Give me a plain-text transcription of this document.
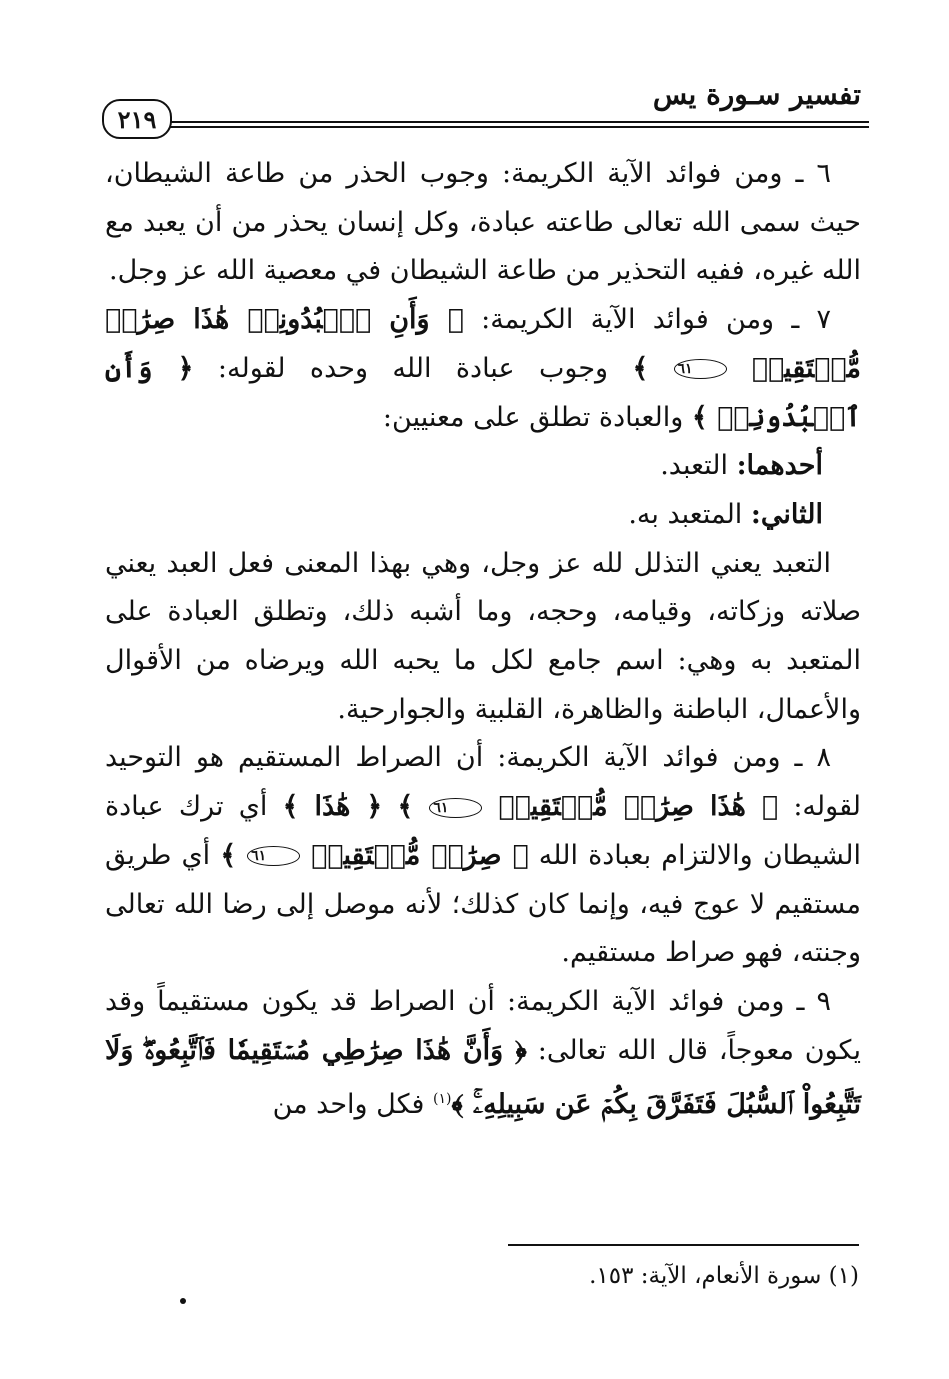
تفسير سـورة يس
٢١٩

٦ ـ ومن فوائد الآية الكريمة: وجوب الحذر من طاعة الشيطان، حيث سمى الله تعالى طاعته عبادة، وكل إنسان يحذر من أن يعبد مع الله غيره، ففيه التحذير من طاعة الشيطان في معصية الله عز وجل.

٧ ـ ومن فوائد الآية الكريمة: ﴿ وَأَنِ ٱعۡبُدُونِيۚ هَٰذَا صِرَٰطٞ مُّسۡتَقِيمٞ ٦١ ﴾ وجوب عبادة الله وحده لقوله: ﴿ وَأَنِ ٱعۡبُدُونِيۚ ﴾ والعبادة تطلق على معنيين:

أحدهما: التعبد.

الثاني: المتعبد به.

التعبد يعني التذلل لله عز وجل، وهي بهذا المعنى فعل العبد يعني صلاته وزكاته، وقيامه، وحجه، وما أشبه ذلك، وتطلق العبادة على المتعبد به وهي: اسم جامع لكل ما يحبه الله ويرضاه من الأقوال والأعمال، الباطنة والظاهرة، القلبية والجوارحية.

٨ ـ ومن فوائد الآية الكريمة: أن الصراط المستقيم هو التوحيد لقوله: ﴿ هَٰذَا صِرَٰطٞ مُّسۡتَقِيمٞ ٦١ ﴾ ﴿ هَٰذَا ﴾ أي ترك عبادة الشيطان والالتزام بعبادة الله ﴿ صِرَٰطٞ مُّسۡتَقِيمٞ ٦١ ﴾ أي طريق مستقيم لا عوج فيه، وإنما كان كذلك؛ لأنه موصل إلى رضا الله تعالى وجنته، فهو صراط مستقيم.

٩ ـ ومن فوائد الآية الكريمة: أن الصراط قد يكون مستقيماً وقد يكون معوجاً، قال الله تعالى: ﴿ وَأَنَّ هَٰذَا صِرَٰطِي مُسۡتَقِيمٗا فَٱتَّبِعُوهُۖ وَلَا تَتَّبِعُواْ ٱلسُّبُلَ فَتَفَرَّقَ بِكُمۡ عَن سَبِيلِهِۦۚ ﴾$^{(١)}$ فكل واحد من

(١) سورة الأنعام، الآية: ١٥٣.
